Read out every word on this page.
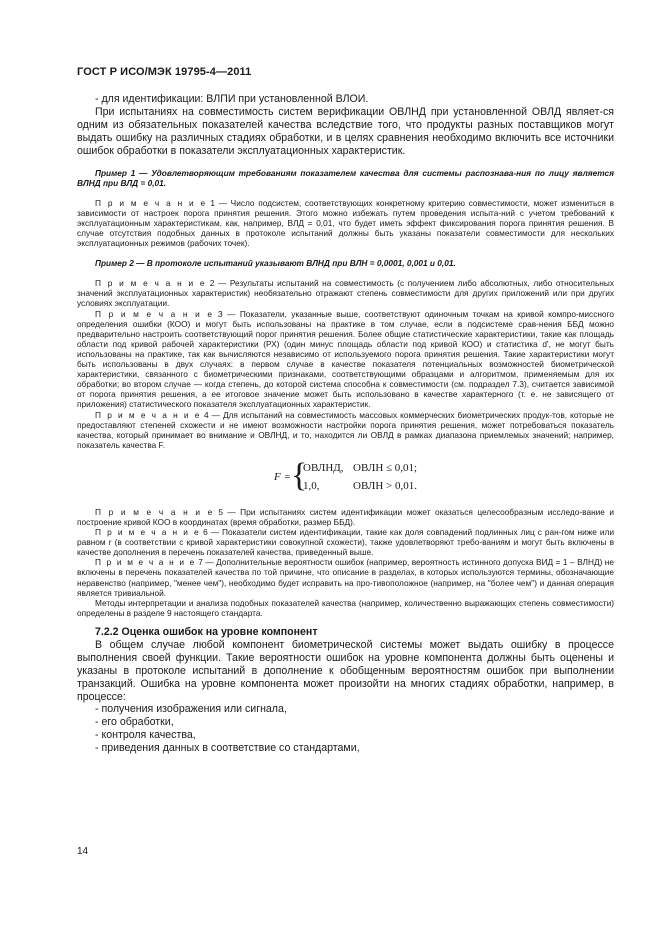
ГОСТ Р ИСО/МЭК 19795-4—2011

- для идентификации: ВЛПИ при установленной ВЛОИ.

При испытаниях на совместимость систем верификации ОВЛНД при установленной ОВЛД являет-ся одним из обязательных показателей качества вследствие того, что продукты разных поставщиков могут выдать ошибку на различных стадиях обработки, и в целях сравнения необходимо включить все источники ошибок обработки в показатели эксплуатационных характеристик.

Пример 1 — Удовлетворяющим требованиям показателем качества для системы распознава-ния по лицу является ВЛНД при ВЛД = 0,01.

П р и м е ч а н и е 1 — Число подсистем, соответствующих конкретному критерию совместимости, может измениться в зависимости от настроек порога принятия решения. Этого можно избежать путем проведения испыта-ний с учетом требований к эксплуатационным характеристикам, как, например, ВЛД = 0,01, что будет иметь эффект фиксирования порога принятия решения. В случае отсутствия подобных данных в протоколе испытаний должны быть указаны показатели совместимости для нескольких эксплуатационных режимов (рабочих точек).

Пример 2 — В протоколе испытаний указывают ВЛНД при ВЛН = 0,0001, 0,001 и 0,01.

П р и м е ч а н и е 2 — Результаты испытаний на совместимость (с получением либо абсолютных, либо относительных значений эксплуатационных характеристик) необязательно отражают степень совместимости для других приложений или при других условиях эксплуатации.

П р и м е ч а н и е 3 — Показатели, указанные выше, соответствуют одиночным точкам на кривой компро-миссного определения ошибки (КОО) и могут быть использованы на практике в том случае, если в подсистеме срав-нения ББД можно предварительно настроить соответствующий порог принятия решения. Более общие статистические характеристики, такие как площадь области под кривой рабочей характеристики (РХ) (один минус площадь области под кривой КОО) и статистика d', не могут быть использованы на практике, так как вычисляются независимо от используемого порога принятия решения. Такие характеристики могут быть использованы в двух случаях: в первом случае в качестве показателя потенциальных возможностей биометрической характеристики, связанного с биометрическими признаками, соответствующими образцами и алгоритмом, применяемым для их обработки; во втором случае — когда степень, до которой система способна к совместимости (см. подраздел 7.3), считается зависимой от порога принятия решения, а ее итоговое значение может быть использовано в качестве характерного (т. е. не зависящего от приложения) статистического показателя эксплуатационных характеристик.

П р и м е ч а н и е 4 — Для испытаний на совместимость массовых коммерческих биометрических продук-тов, которые не предоставляют степеней схожести и не имеют возможности настройки порога принятия решения, может потребоваться показатель качества, который принимает во внимание и ОВЛНД, и то, находится ли ОВЛД в рамках диапазона приемлемых значений; например, показатель качества F.

F = {
ОВЛНД, ОВЛН ≤ 0,01;
1,0,	ОВЛН > 0,01.

П р и м е ч а н и е 5 — При испытаниях систем идентификации может оказаться целесообразным исследо-вание и построение кривой КОО в координатах (время обработки, размер ББД).

П р и м е ч а н и е 6 — Показатели систем идентификации, такие как доля совпадений подлинных лиц с ран-гом ниже или равном r (в соответствии с кривой характеристики совокупной схожести), также удовлетворяют требо-ваниям и могут быть включены в качестве дополнения в перечень показателей качества, приведенный выше.

П р и м е ч а н и е 7 — Дополнительные вероятности ошибок (например, вероятность истинного допуска ВИД = 1 – ВЛНД) не включены в перечень показателей качества по той причине, что описание в разделах, в которых используются термины, обозначающие неравенство (например, "менее чем"), необходимо будет исправить на про-тивоположное (например, на "более чем") и данная операция является тривиальной.

Методы интерпретации и анализа подобных показателей качества (например, количественно выражающих степень совместимости) определены в разделе 9 настоящего стандарта.

7.2.2 Оценка ошибок на уровне компонент

В общем случае любой компонент биометрической системы может выдать ошибку в процессе выполнения своей функции. Такие вероятности ошибок на уровне компонента должны быть оценены и указаны в протоколе испытаний в дополнение к обобщенным вероятностям ошибок при выполнении транзакций. Ошибка на уровне компонента может произойти на многих стадиях обработки, например, в процессе:

- получения изображения или сигнала,

- его обработки,

- контроля качества,

- приведения данных в соответствие со стандартами,

14
